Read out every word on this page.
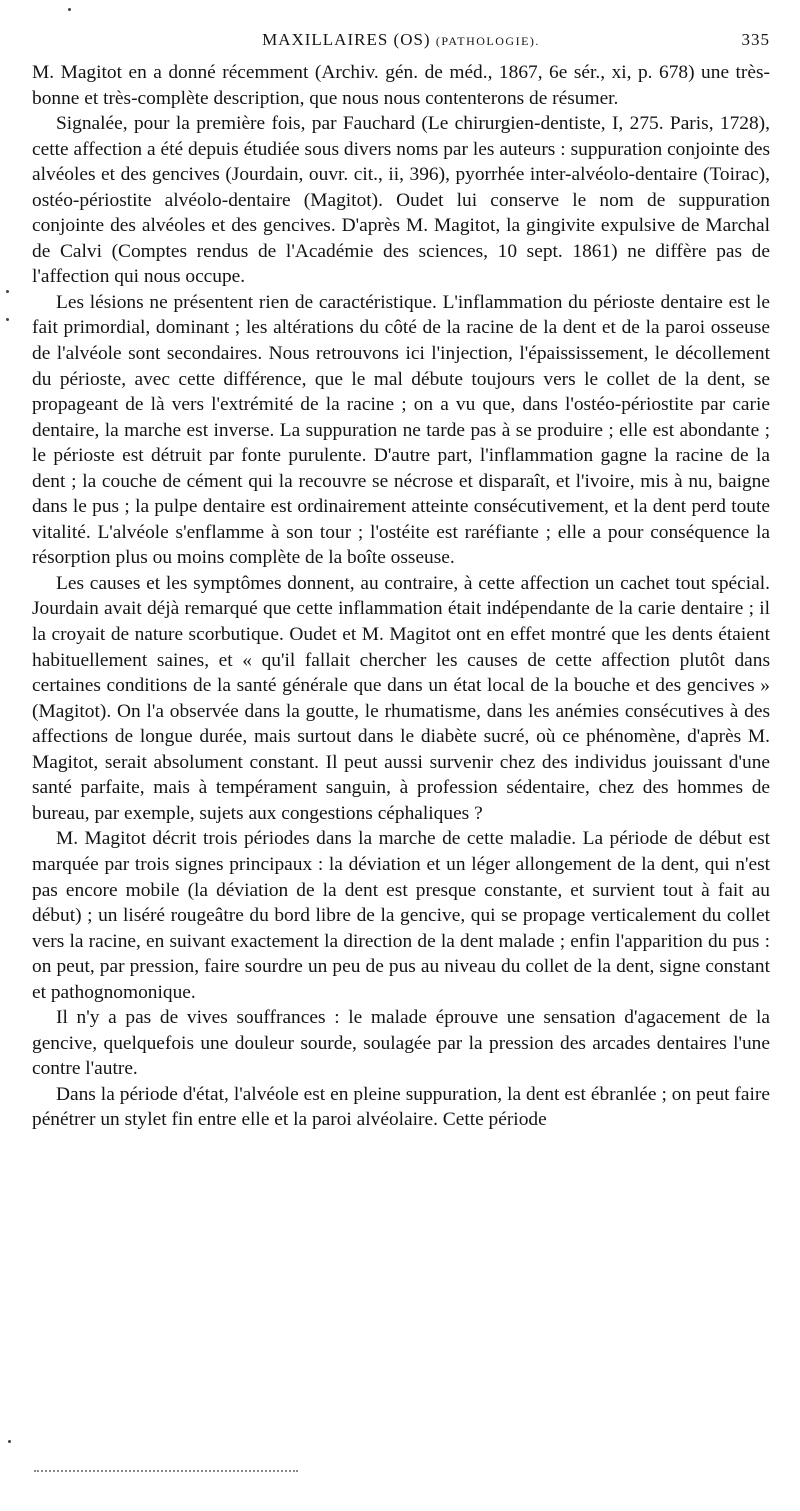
MAXILLAIRES (OS) (PATHOLOGIE).	335

M. Magitot en a donné récemment (Archiv. gén. de méd., 1867, 6e sér., xi, p. 678) une très-bonne et très-complète description, que nous nous contenterons de résumer.

Signalée, pour la première fois, par Fauchard (Le chirurgien-dentiste, I, 275. Paris, 1728), cette affection a été depuis étudiée sous divers noms par les auteurs : suppuration conjointe des alvéoles et des gencives (Jourdain, ouvr. cit., ii, 396), pyorrhée inter-alvéolo-dentaire (Toirac), ostéo-périostite alvéolo-dentaire (Magitot). Oudet lui conserve le nom de suppuration conjointe des alvéoles et des gencives. D'après M. Magitot, la gingivite expulsive de Marchal de Calvi (Comptes rendus de l'Académie des sciences, 10 sept. 1861) ne diffère pas de l'affection qui nous occupe.

Les lésions ne présentent rien de caractéristique. L'inflammation du périoste dentaire est le fait primordial, dominant ; les altérations du côté de la racine de la dent et de la paroi osseuse de l'alvéole sont secondaires. Nous retrouvons ici l'injection, l'épaississement, le décollement du périoste, avec cette différence, que le mal débute toujours vers le collet de la dent, se propageant de là vers l'extrémité de la racine ; on a vu que, dans l'ostéo-périostite par carie dentaire, la marche est inverse. La suppuration ne tarde pas à se produire ; elle est abondante ; le périoste est détruit par fonte purulente. D'autre part, l'inflammation gagne la racine de la dent ; la couche de cément qui la recouvre se nécrose et disparaît, et l'ivoire, mis à nu, baigne dans le pus ; la pulpe dentaire est ordinairement atteinte consécutivement, et la dent perd toute vitalité. L'alvéole s'enflamme à son tour ; l'ostéite est raréfiante ; elle a pour conséquence la résorption plus ou moins complète de la boîte osseuse.

Les causes et les symptômes donnent, au contraire, à cette affection un cachet tout spécial. Jourdain avait déjà remarqué que cette inflammation était indépendante de la carie dentaire ; il la croyait de nature scorbutique. Oudet et M. Magitot ont en effet montré que les dents étaient habituellement saines, et « qu'il fallait chercher les causes de cette affection plutôt dans certaines conditions de la santé générale que dans un état local de la bouche et des gencives » (Magitot). On l'a observée dans la goutte, le rhumatisme, dans les anémies consécutives à des affections de longue durée, mais surtout dans le diabète sucré, où ce phénomène, d'après M. Magitot, serait absolument constant. Il peut aussi survenir chez des individus jouissant d'une santé parfaite, mais à tempérament sanguin, à profession sédentaire, chez des hommes de bureau, par exemple, sujets aux congestions céphaliques ?

M. Magitot décrit trois périodes dans la marche de cette maladie. La période de début est marquée par trois signes principaux : la déviation et un léger allongement de la dent, qui n'est pas encore mobile (la déviation de la dent est presque constante, et survient tout à fait au début) ; un liséré rougeâtre du bord libre de la gencive, qui se propage verticalement du collet vers la racine, en suivant exactement la direction de la dent malade ; enfin l'apparition du pus : on peut, par pression, faire sourdre un peu de pus au niveau du collet de la dent, signe constant et pathognomonique.

Il n'y a pas de vives souffrances : le malade éprouve une sensation d'agacement de la gencive, quelquefois une douleur sourde, soulagée par la pression des arcades dentaires l'une contre l'autre.

Dans la période d'état, l'alvéole est en pleine suppuration, la dent est ébranlée ; on peut faire pénétrer un stylet fin entre elle et la paroi alvéolaire. Cette période
